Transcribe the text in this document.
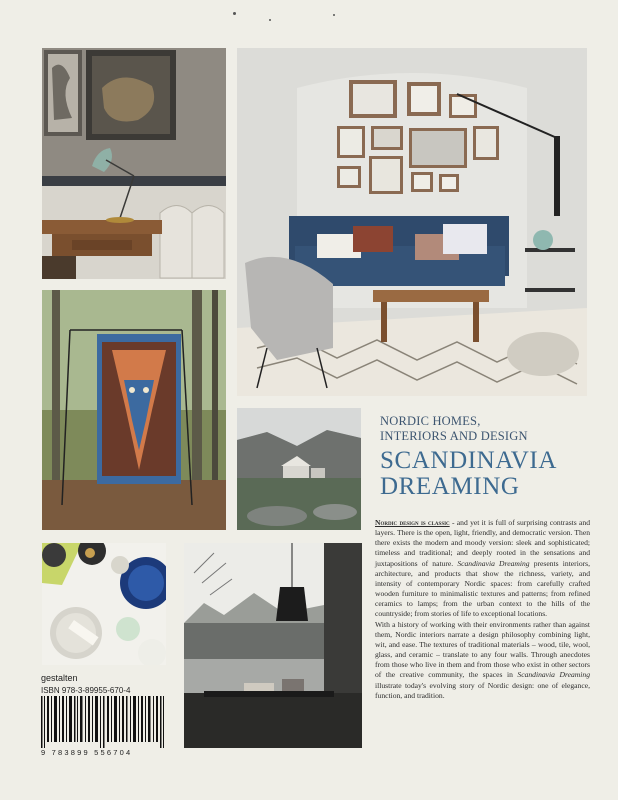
NORDIC HOMES,
INTERIORS AND DESIGN
SCANDINAVIA
DREAMING

Nordic design is classic - and yet it is full of surprising contrasts and layers. There is the open, light, friendly, and democratic version. Then there exists the modern and moody version: sleek and sophisticated; timeless and traditional; and deeply rooted in the sensations and juxtapositions of nature. Scandinavia Dreaming presents interiors, architecture, and products that show the richness, variety, and intensity of contemporary Nordic spaces: from carefully crafted wooden furniture to minimalistic textures and patterns; from refined ceramics to lamps; from the urban context to the hills of the countryside; from stories of life to exceptional locations.

With a history of working with their environments rather than against them, Nordic interiors narrate a design philosophy combining light, wit, and ease. The textures of traditional materials – wood, tile, wool, glass, and ceramic – translate to any four walls. Through anecdotes from those who live in them and from those who exist in other sectors of the creative community, the spaces in Scandinavia Dreaming illustrate today's evolving story of Nordic design: one of elegance, function, and tradition.

gestalten
ISBN 978-3-89955-670-4
9 783899 556704
